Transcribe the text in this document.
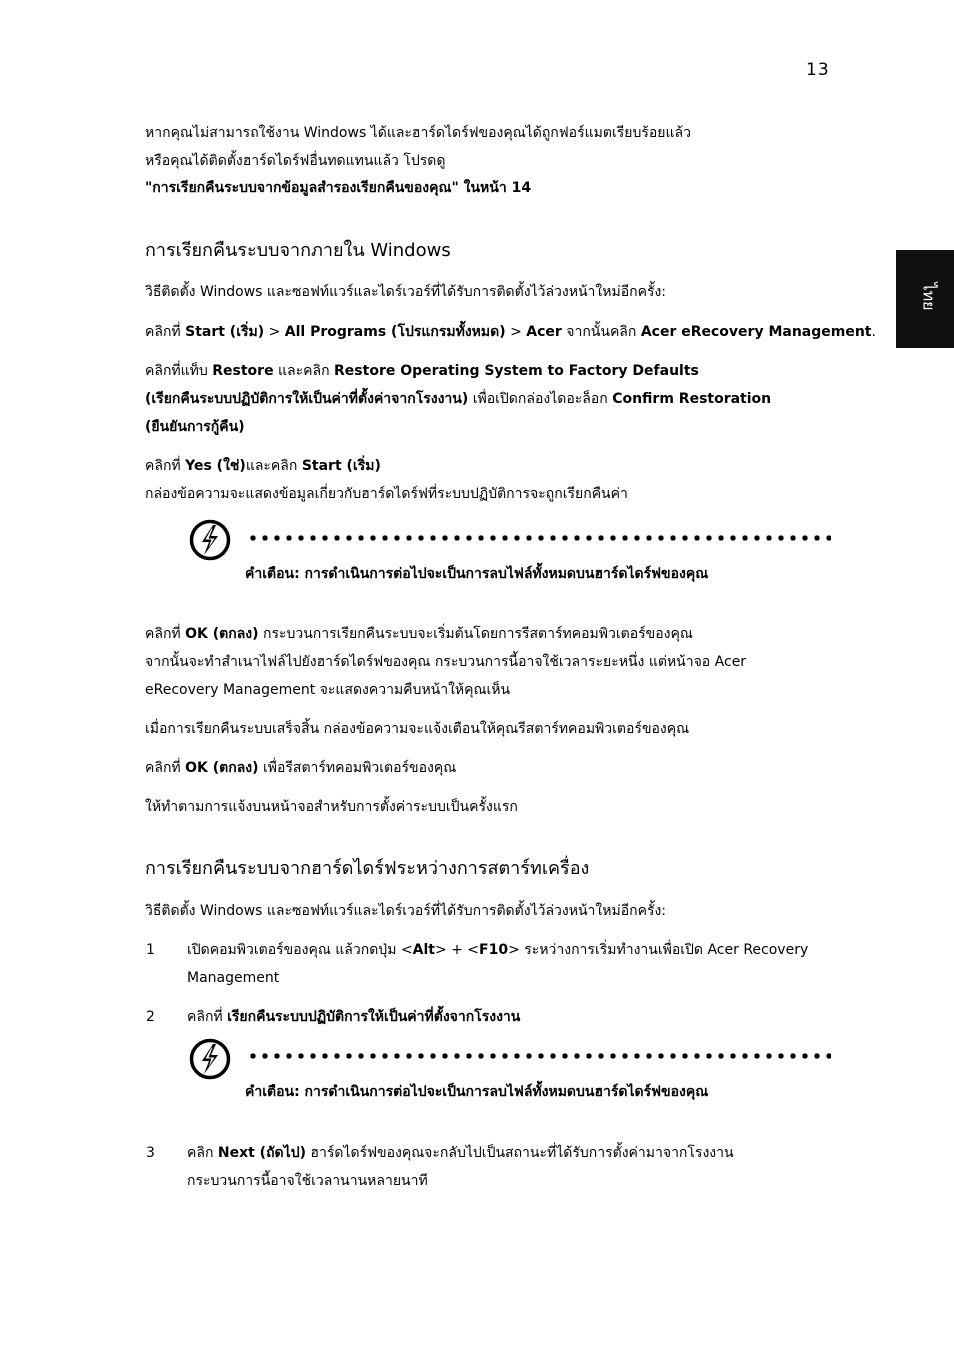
13
ไทย
หากคุณไม่สามารถใช้งาน Windows ได้และฮาร์ดไดร์ฟของคุณได้ถูกฟอร์แมตเรียบร้อยแล้ว
หรือคุณได้ติดตั้งฮาร์ดไดร์ฟอื่นทดแทนแล้ว โปรดดู
"การเรียกคืนระบบจากข้อมูลสำรองเรียกคืนของคุณ" ในหน้า 14
การเรียกคืนระบบจากภายใน Windows
วิธีติดตั้ง Windows และซอฟท์แวร์และไดร์เวอร์ที่ได้รับการติดตั้งไว้ล่วงหน้าใหม่อีกครั้ง:
คลิกที่ Start (เริ่ม) > All Programs (โปรแกรมทั้งหมด) > Acer จากนั้นคลิก Acer eRecovery Management.
คลิกที่แท็บ Restore และคลิก Restore Operating System to Factory Defaults
(เรียกคืนระบบปฏิบัติการให้เป็นค่าที่ตั้งค่าจากโรงงาน) เพื่อเปิดกล่องไดอะล็อก Confirm Restoration
(ยืนยันการกู้คืน)
คลิกที่ Yes (ใช่)และคลิก Start (เริ่ม)
กล่องข้อความจะแสดงข้อมูลเกี่ยวกับฮาร์ดไดร์ฟที่ระบบปฏิบัติการจะถูกเรียกคืนค่า
คำเตือน: การดำเนินการต่อไปจะเป็นการลบไฟล์ทั้งหมดบนฮาร์ดไดร์ฟของคุณ
คลิกที่ OK (ตกลง) กระบวนการเรียกคืนระบบจะเริ่มต้นโดยการรีสตาร์ทคอมพิวเตอร์ของคุณ
จากนั้นจะทำสำเนาไฟล์ไปยังฮาร์ดไดร์ฟของคุณ กระบวนการนี้อาจใช้เวลาระยะหนึ่ง แต่หน้าจอ Acer
eRecovery Management จะแสดงความคืบหน้าให้คุณเห็น
เมื่อการเรียกคืนระบบเสร็จสิ้น กล่องข้อความจะแจ้งเตือนให้คุณรีสตาร์ทคอมพิวเตอร์ของคุณ
คลิกที่ OK (ตกลง) เพื่อรีสตาร์ทคอมพิวเตอร์ของคุณ
ให้ทำตามการแจ้งบนหน้าจอสำหรับการตั้งค่าระบบเป็นครั้งแรก
การเรียกคืนระบบจากฮาร์ดไดร์ฟระหว่างการสตาร์ทเครื่อง
วิธีติดตั้ง Windows และซอฟท์แวร์และไดร์เวอร์ที่ได้รับการติดตั้งไว้ล่วงหน้าใหม่อีกครั้ง:
1 เปิดคอมพิวเตอร์ของคุณ แล้วกดปุ่ม <Alt> + <F10> ระหว่างการเริ่มทำงานเพื่อเปิด Acer Recovery
Management
2 คลิกที่ เรียกคืนระบบปฏิบัติการให้เป็นค่าที่ตั้งจากโรงงาน
คำเตือน: การดำเนินการต่อไปจะเป็นการลบไฟล์ทั้งหมดบนฮาร์ดไดร์ฟของคุณ
3 คลิก Next (ถัดไป) ฮาร์ดไดร์ฟของคุณจะกลับไปเป็นสถานะที่ได้รับการตั้งค่ามาจากโรงงาน
กระบวนการนี้อาจใช้เวลานานหลายนาที
